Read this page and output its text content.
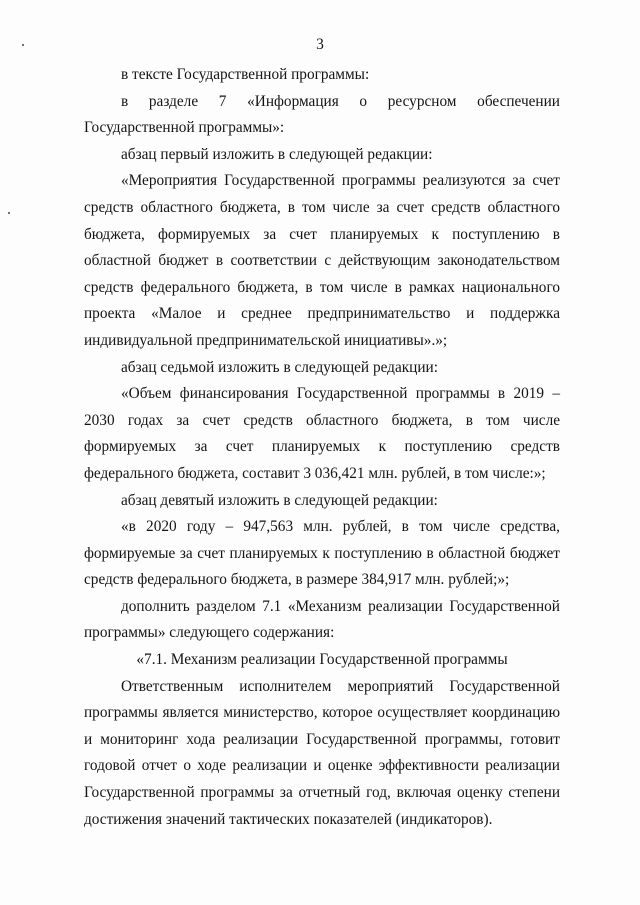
3

в тексте Государственной программы:

в разделе 7 «Информация о ресурсном обеспечении Государственной программы»:

абзац первый изложить в следующей редакции:

«Мероприятия Государственной программы реализуются за счет средств областного бюджета, в том числе за счет средств областного бюджета, формируемых за счет планируемых к поступлению в областной бюджет в соответствии с действующим законодательством средств федерального бюджета, в том числе в рамках национального проекта «Малое и среднее предпринимательство и поддержка индивидуальной предпринимательской инициативы».»;

абзац седьмой изложить в следующей редакции:

«Объем финансирования Государственной программы в 2019 – 2030 годах за счет средств областного бюджета, в том числе формируемых за счет планируемых к поступлению средств федерального бюджета, составит 3 036,421 млн. рублей, в том числе:»;

абзац девятый изложить в следующей редакции:

«в 2020 году – 947,563 млн. рублей, в том числе средства, формируемые за счет планируемых к поступлению в областной бюджет средств федерального бюджета, в размере 384,917 млн. рублей;»;

дополнить разделом 7.1 «Механизм реализации Государственной программы» следующего содержания:

«7.1. Механизм реализации Государственной программы

Ответственным исполнителем мероприятий Государственной программы является министерство, которое осуществляет координацию и мониторинг хода реализации Государственной программы, готовит годовой отчет о ходе реализации и оценке эффективности реализации Государственной программы за отчетный год, включая оценку степени достижения значений тактических показателей (индикаторов).
